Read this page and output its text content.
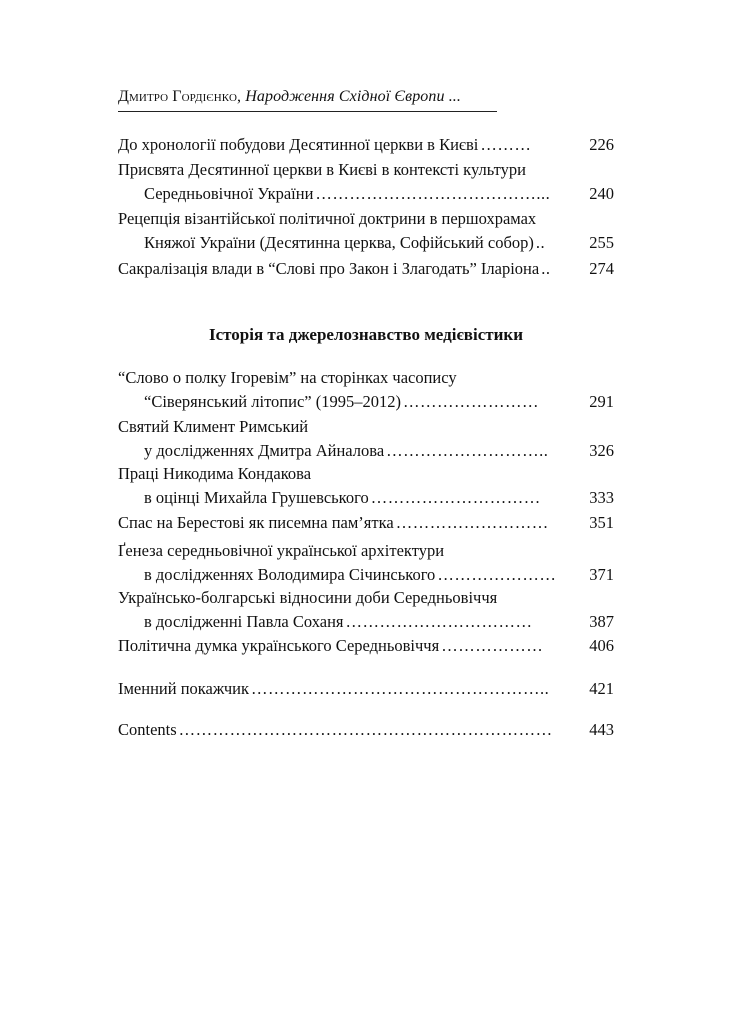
Дмитро Гордієнко, Народження Східної Європи ...
До хронології побудови Десятинної церкви в Києві ………	226
Присвята Десятинної церкви в Києві в контексті культури
Середньовічної України …………………………………...	240
Рецепція візантійської політичної доктрини в першохрамах
Княжої України (Десятинна церква, Софійський собор) ..	255
Сакралізація влади в “Слові про Закон і Злагодать” Іларіона ..	274
Історія та джерелознавство медієвістики
“Слово о полку Ігоревім” на сторінках часопису
“Сіверянський літопис” (1995–2012) ……………………	291
Святий Климент Римський
у дослідженнях Дмитра Айналова ………………………..	326
Праці Никодима Кондакова
в оцінці Михайла Грушевського …………………………	333
Спас на Берестові як писемна пам’ятка ………………………	351
Ґенеза середньовічної української архітектури
в дослідженнях Володимира Січинського …………………	371
Українсько-болгарські відносини доби Середньовіччя
в дослідженні Павла Соханя ……………………………	387
Політична думка українського Середньовіччя ………………	406
Іменний покажчик ……………………………………………..	421
Contents …………………………………………………………	443
